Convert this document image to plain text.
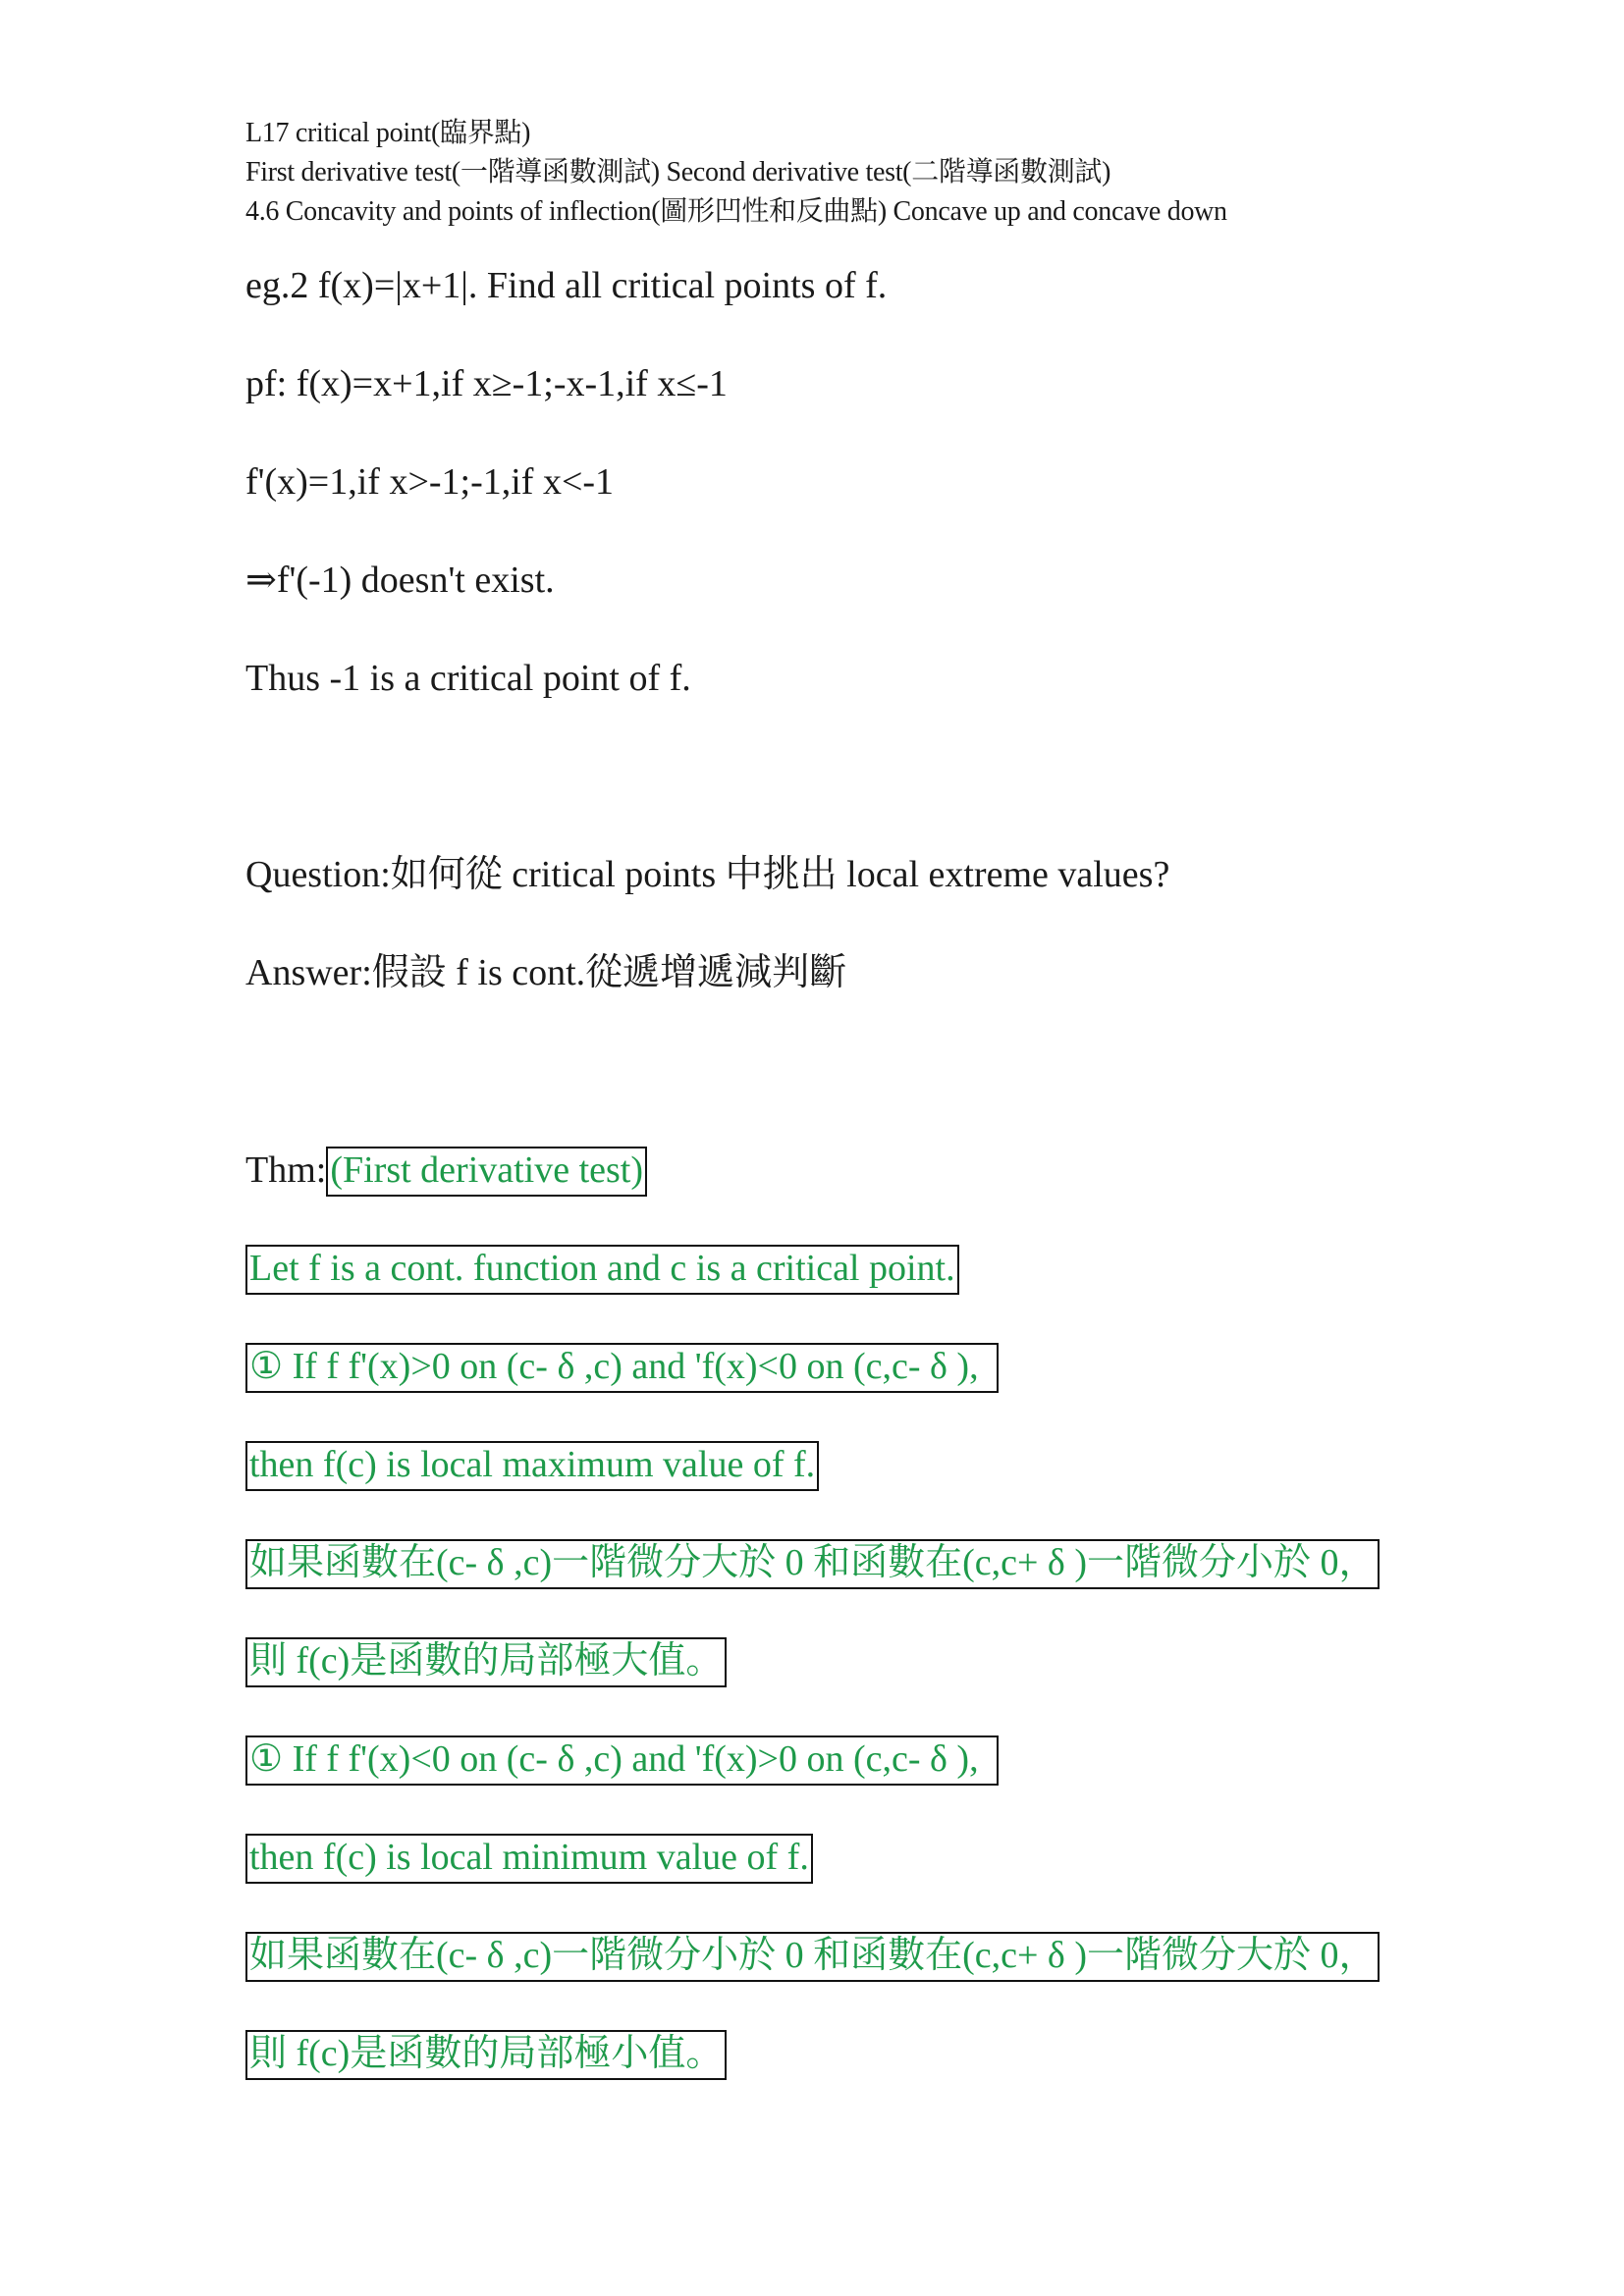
L17 critical point(臨界點)
First derivative test(一階導函數測試) Second derivative test(二階導函數測試)
4.6 Concavity and points of inflection(圖形凹性和反曲點) Concave up and concave down
eg.2 f(x)=|x+1|. Find all critical points of f.
pf: f(x)=x+1,if x≥-1;-x-1,if x≤-1
f'(x)=1,if x>-1;-1,if x<-1
⇒f'(-1) doesn't exist.
Thus -1 is a critical point of f.
Question:如何從 critical points 中挑出 local extreme values?
Answer:假設 f is cont.從遞增遞減判斷
Thm: (First derivative test)
Let f is a cont. function and c is a critical point.
① If f f'(x)>0 on (c- δ ,c) and 'f(x)<0 on (c,c- δ ),
then f(c) is local maximum value of f.
如果函數在(c- δ ,c)一階微分大於 0 和函數在(c,c+ δ )一階微分小於 0，
則 f(c)是函數的局部極大值。
① If f f'(x)<0 on (c- δ ,c) and 'f(x)>0 on (c,c- δ ),
then f(c) is local minimum value of f.
如果函數在(c- δ ,c)一階微分小於 0 和函數在(c,c+ δ )一階微分大於 0，
則 f(c)是函數的局部極小值。
